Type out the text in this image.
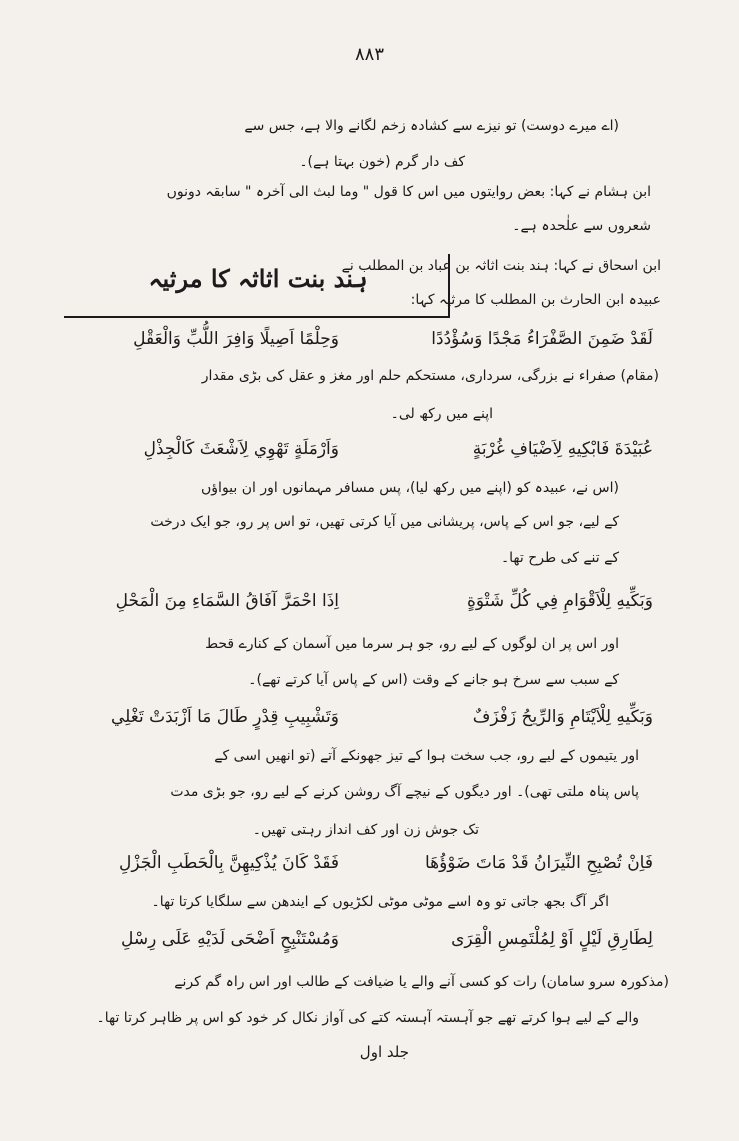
٨٨٣
(اے میرے دوست) تو نیزے سے کشادہ زخم لگانے والا ہے، جس سے
کف دار گرم (خون بہتا ہے)۔
ابن ہشام نے کہا: بعض روایتوں میں اس کا قول " وما لبث الی آخرہ " سابقہ دونوں
شعروں سے علٰحدہ ہے۔
ہند بنت اثاثہ کا مرثیہ
ابن اسحاق نے کہا: ہند بنت اثاثہ بن عباد بن المطلب نے
عبیدہ ابن الحارث بن المطلب کا مرثیہ کہا:
لَقَدْ ضَمِنَ الصَّفْرَاءُ مَجْدًا وَسُؤْدُدًا
وَحِلْمًا اَصِيلًا وَافِرَ اللُّبِّ وَالْعَقْلِ
(مقام) صفراء نے بزرگی، سرداری، مستحکم حلم اور مغز و عقل کی بڑی مقدار
اپنے میں رکھ لی۔
عُبَيْدَةَ فَابْكِيهِ لِاَضْيَافِ غُرْبَةٍ
وَاَرْمَلَةٍ تَهْوِي لِاَشْعَثَ كَالْجِذْلِ
(اس نے، عبیدہ کو (اپنے میں رکھ لیا)، پس مسافر مہمانوں اور ان بیواؤں
کے لیے، جو اس کے پاس، پریشانی میں آیا کرتی تھیں، تو اس پر رو، جو ایک درخت
کے تنے کی طرح تھا۔
وَبَكِّيهِ لِلْاَقْوَامِ فِي كُلِّ شَتْوَةٍ
اِذَا احْمَرَّ آفَاقُ السَّمَاءِ مِنَ الْمَحْلِ
اور اس پر ان لوگوں کے لیے رو، جو ہر سرما میں آسمان کے کنارے قحط
کے سبب سے سرخ ہو جانے کے وقت (اس کے پاس آیا کرتے تھے)۔
وَبَكِّيهِ لِلْاَيْتَامِ وَالرِّيحُ زَفْزَفٌ
وَتَشْبِيبِ قِدْرٍ طَالَ مَا اَزْبَدَتْ تَغْلِي
اور یتیموں کے لیے رو، جب سخت ہوا کے تیز جھونکے آتے (تو انھیں اسی کے
پاس پناہ ملتی تھی)۔ اور دیگوں کے نیچے آگ روشن کرنے کے لیے رو، جو بڑی مدت
تک جوش زن اور کف انداز رہتی تھیں۔
فَاِنْ تُصْبِحِ النِّيرَانُ قَدْ مَاتَ ضَوْؤُهَا
فَقَدْ كَانَ يُذْكِيهِنَّ بِالْحَطَبِ الْجَزْلِ
اگر آگ بجھ جاتی تو وہ اسے موٹی موٹی لکڑیوں کے ایندھن سے سلگایا کرتا تھا۔
لِطَارِقِ لَيْلٍ اَوْ لِمُلْتَمِسِ الْقِرَى
وَمُسْتَنْبِحٍ اَضْحَى لَدَيْهِ عَلَى رِسْلِ
(مذکورہ سرو سامان) رات کو کسی آنے والے یا ضیافت کے طالب اور اس راہ گم کرنے
والے کے لیے ہوا کرتے تھے جو آہستہ آہستہ کتے کی آواز نکال کر خود کو اس پر ظاہر کرتا تھا۔
جلد اول
